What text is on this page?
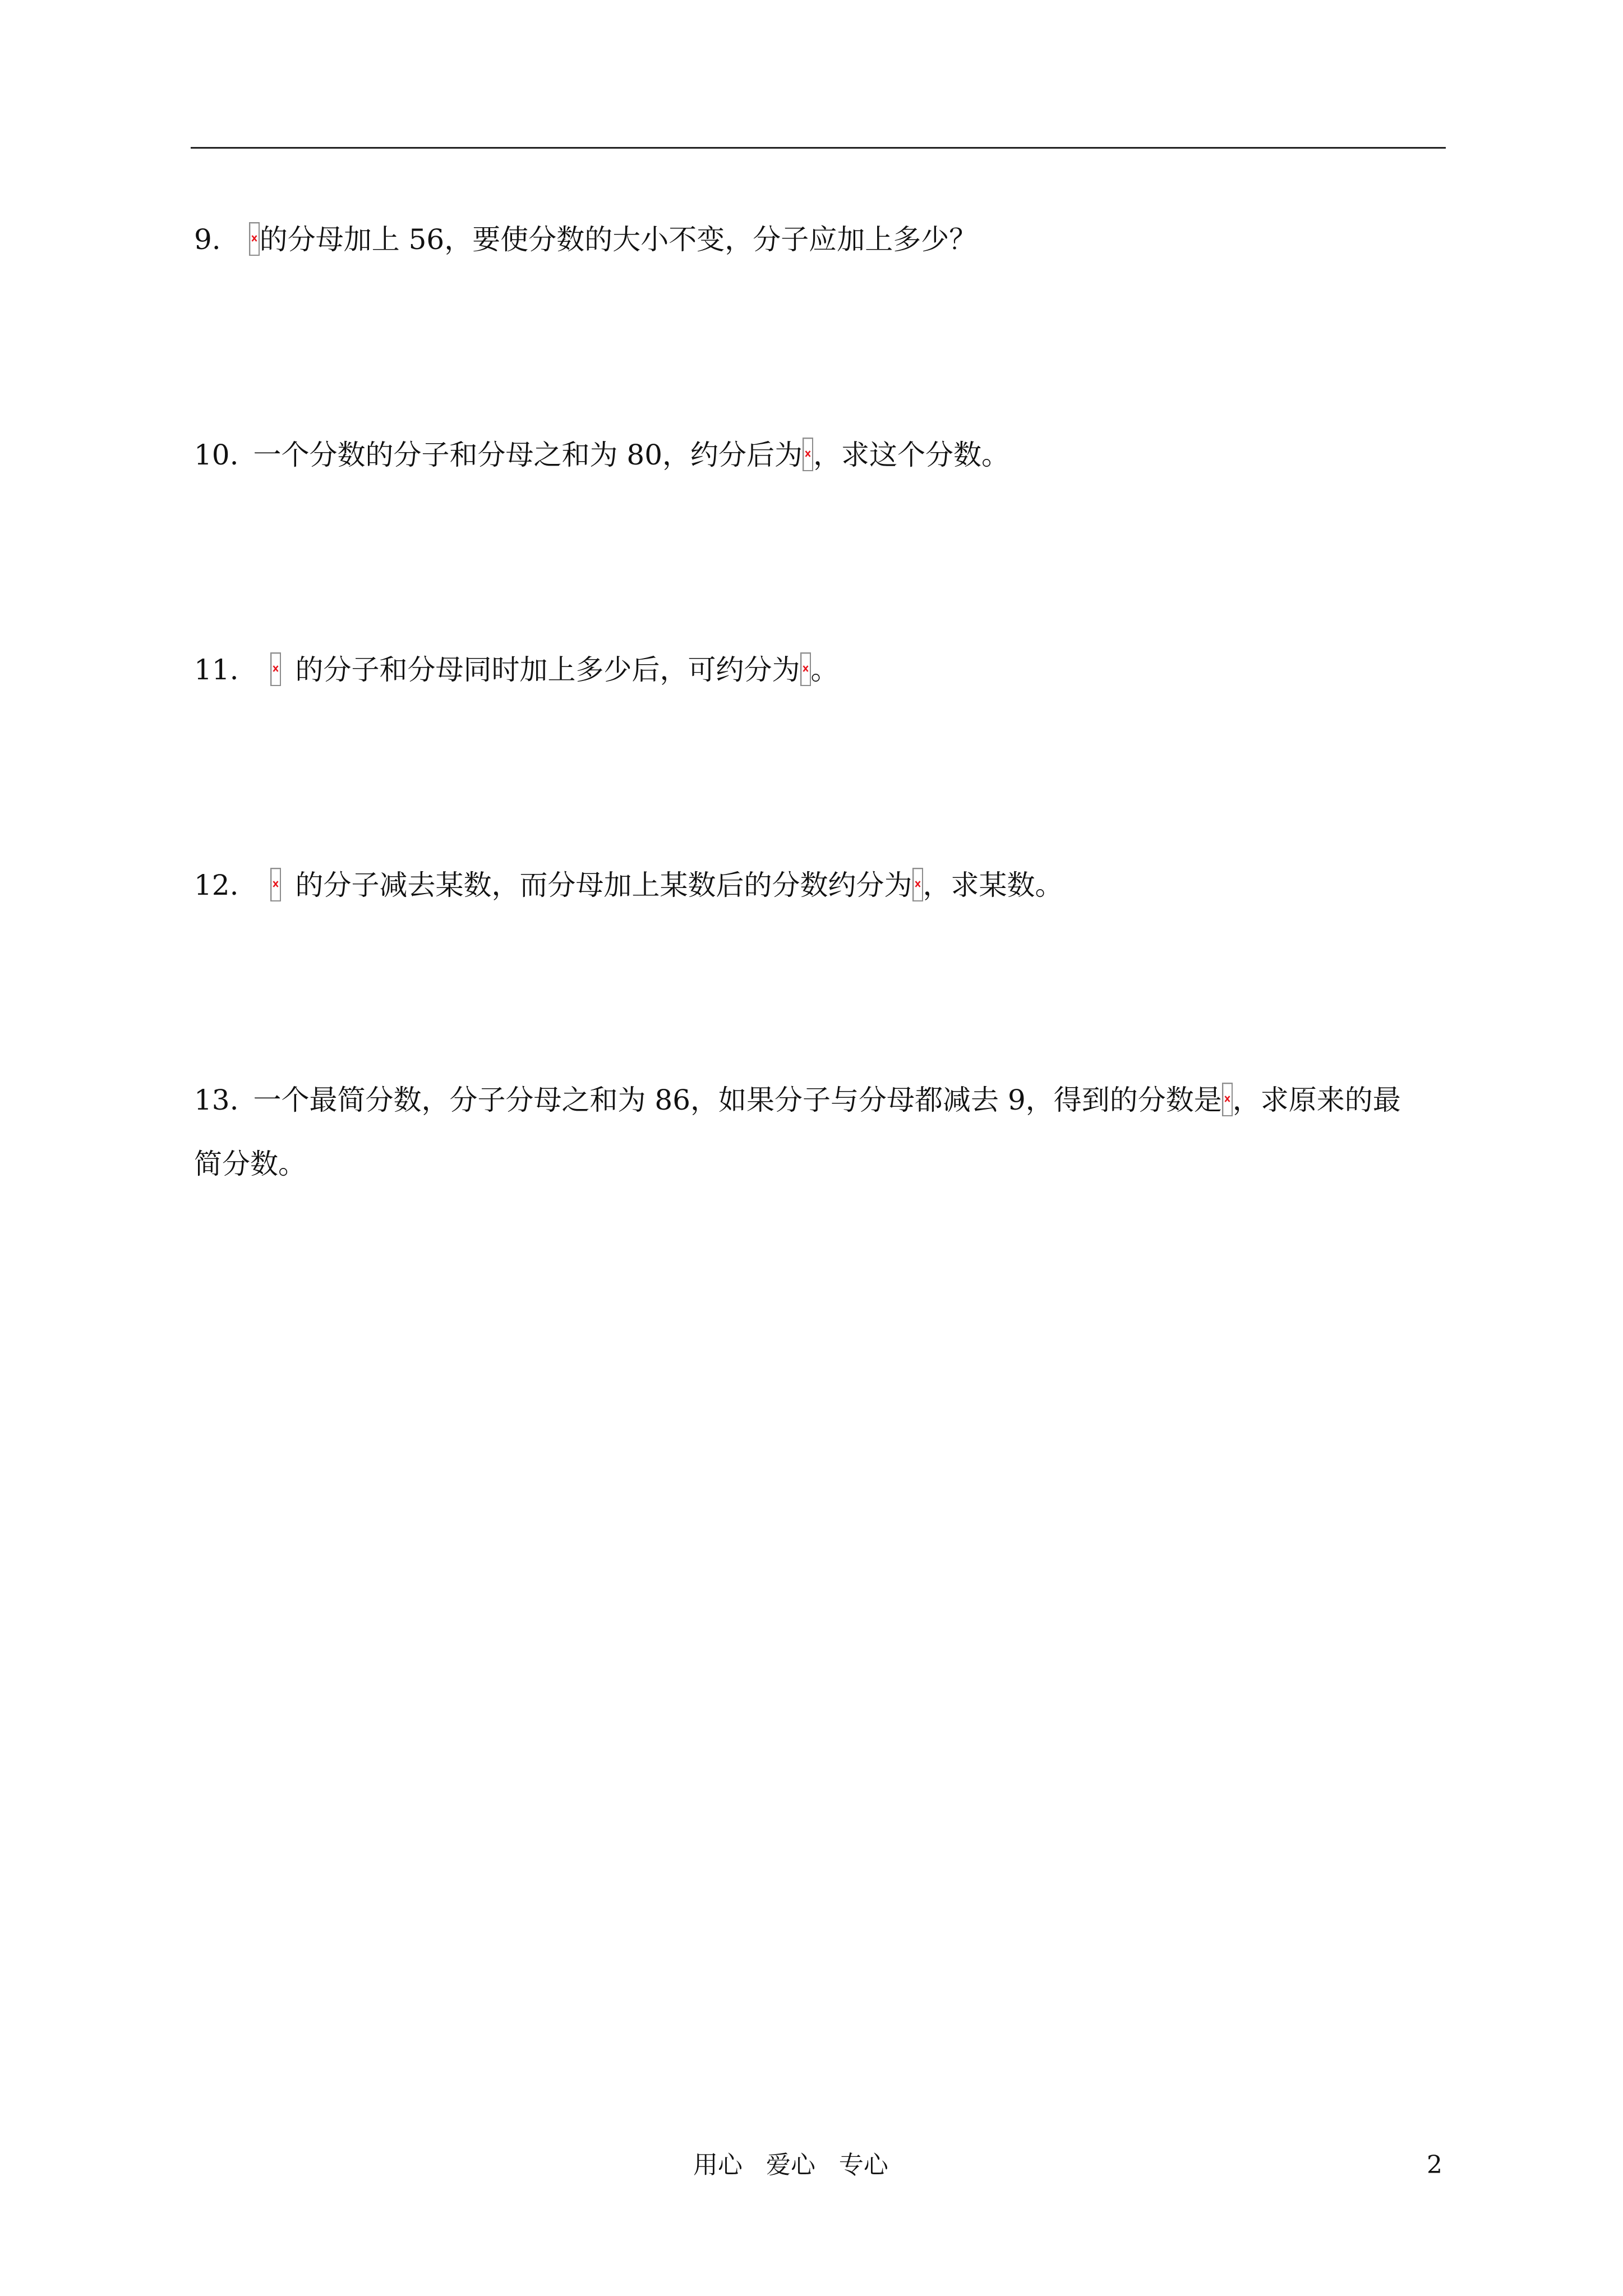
9. 的分母加上 56，要使分数的大小不变，分子应加上多少？
10. 一个分数的分子和分母之和为 80，约分后为 ，求这个分数。
11. 的分子和分母同时加上多少后，可约分为 。
12. 的分子减去某数，而分母加上某数后的分数约分为 ，求某数。
13. 一个最简分数，分子分母之和为 86，如果分子与分母都减去 9，得到的分数是 ，求原来的最
简分数。
用心   爱心   专心	2
